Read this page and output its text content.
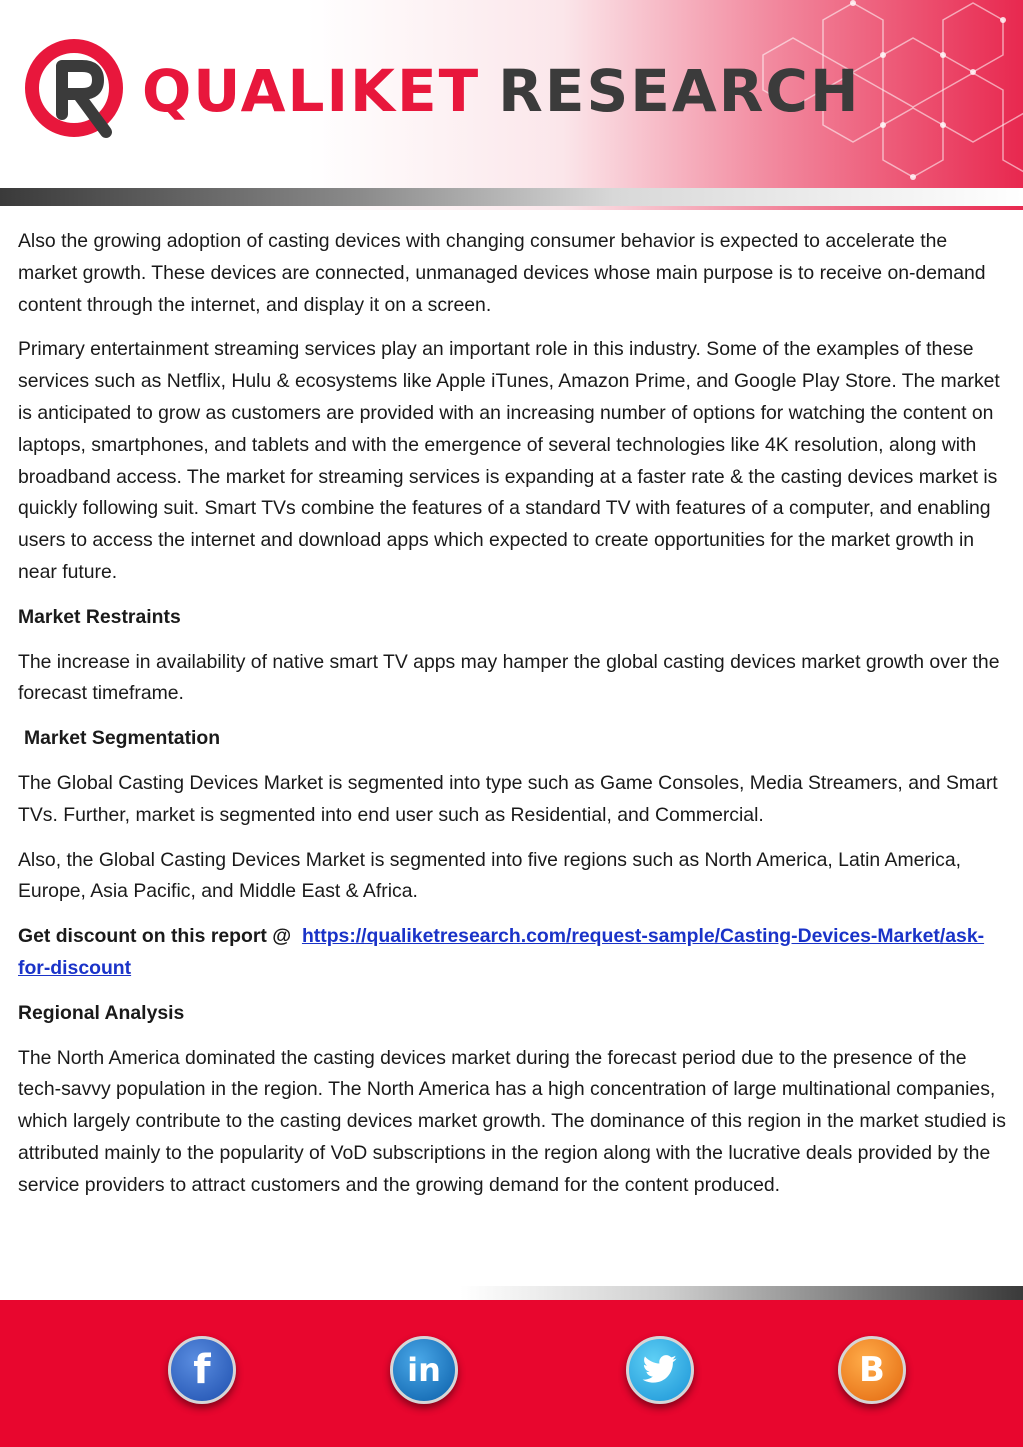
QUALIKET RESEARCH

Also the growing adoption of casting devices with changing consumer behavior is expected to accelerate the market growth. These devices are connected, unmanaged devices whose main purpose is to receive on-demand content through the internet, and display it on a screen.

Primary entertainment streaming services play an important role in this industry. Some of the examples of these services such as Netflix, Hulu & ecosystems like Apple iTunes, Amazon Prime, and Google Play Store. The market is anticipated to grow as customers are provided with an increasing number of options for watching the content on laptops, smartphones, and tablets and with the emergence of several technologies like 4K resolution, along with broadband access. The market for streaming services is expanding at a faster rate & the casting devices market is quickly following suit. Smart TVs combine the features of a standard TV with features of a computer, and enabling users to access the internet and download apps which expected to create opportunities for the market growth in near future.

Market Restraints

The increase in availability of native smart TV apps may hamper the global casting devices market growth over the forecast timeframe.

Market Segmentation

The Global Casting Devices Market is segmented into type such as Game Consoles, Media Streamers, and Smart TVs. Further, market is segmented into end user such as Residential, and Commercial.

Also, the Global Casting Devices Market is segmented into five regions such as North America, Latin America, Europe, Asia Pacific, and Middle East & Africa.

Get discount on this report @ https://qualiketresearch.com/request-sample/Casting-Devices-Market/ask-for-discount

Regional Analysis

The North America dominated the casting devices market during the forecast period due to the presence of the tech-savvy population in the region. The North America has a high concentration of large multinational companies, which largely contribute to the casting devices market growth. The dominance of this region in the market studied is attributed mainly to the popularity of VoD subscriptions in the region along with the lucrative deals provided by the service providers to attract customers and the growing demand for the content produced.

f	in	B
